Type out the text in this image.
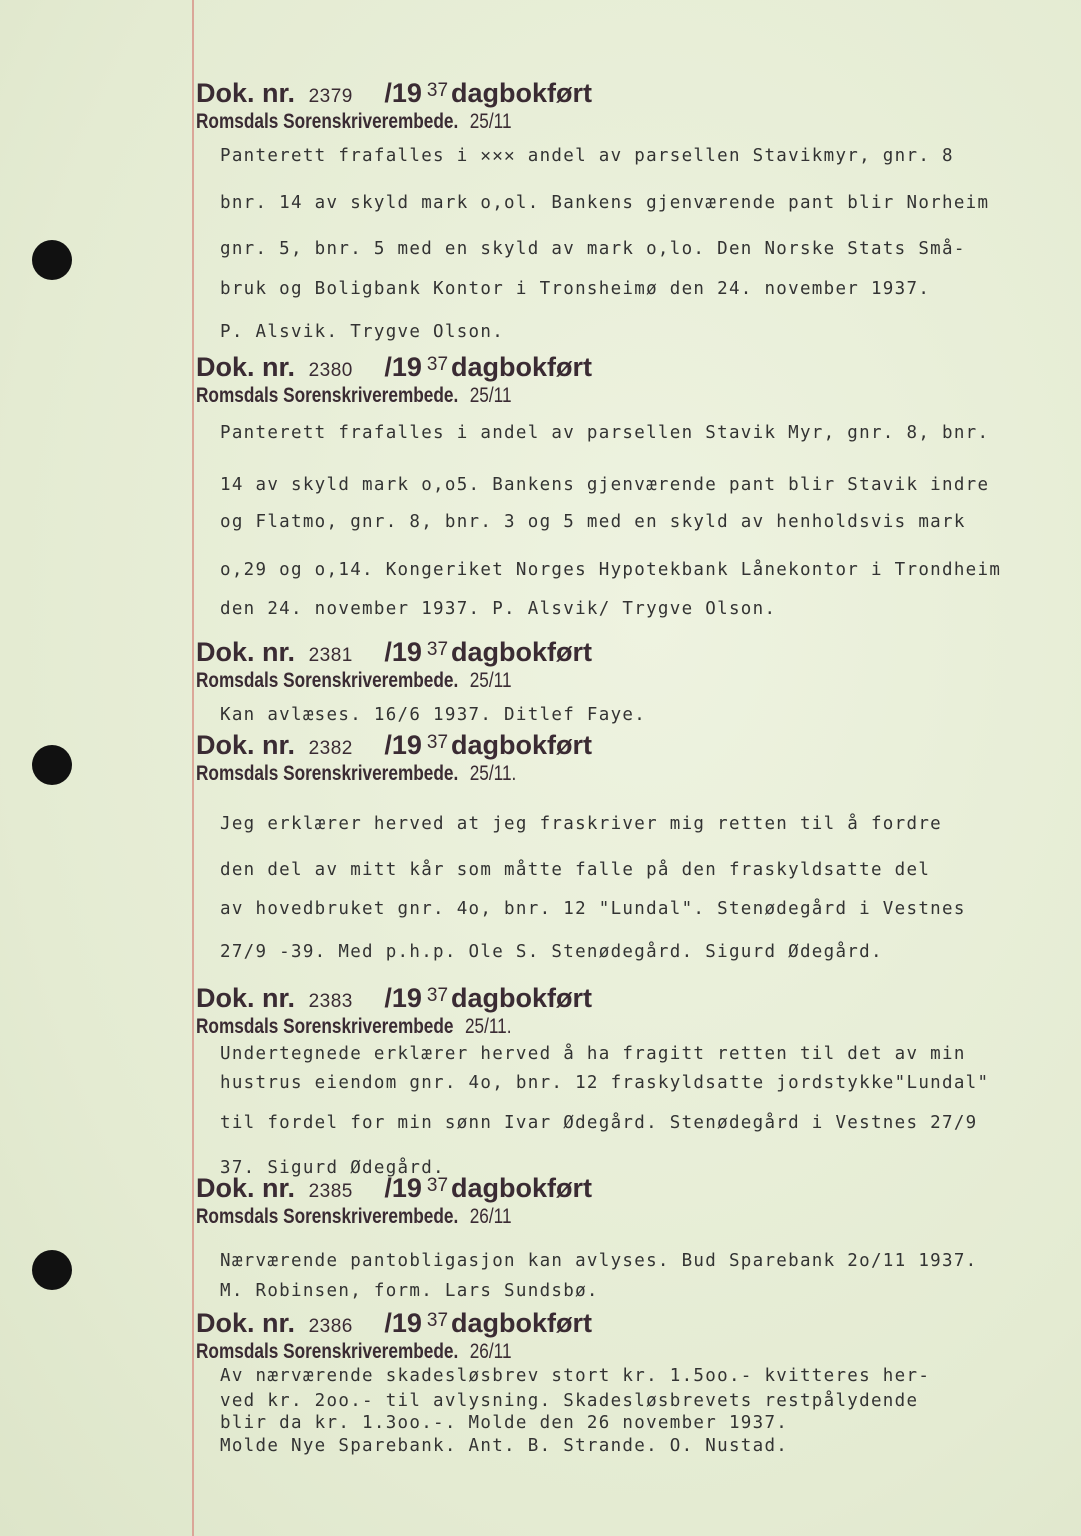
Dok. nr. 2379 /19 $^{37}$ dagbokført
Romsdals Sorenskriverembede. 25/11
Panterett frafalles i ✕✕✕ andel av parsellen Stavikmyr, gnr. 8
bnr. 14 av skyld mark o,ol. Bankens gjenværende pant blir Norheim
gnr. 5, bnr. 5 med en skyld av mark o,lo. Den Norske Stats Små-
bruk og Boligbank Kontor i Tronsheimø den 24. november 1937.
P. Alsvik. Trygve Olson.
Dok. nr. 2380 /19 $^{37}$ dagbokført
Romsdals Sorenskriverembede. 25/11
Panterett frafalles i andel av parsellen Stavik Myr, gnr. 8, bnr.
14 av skyld mark o,o5. Bankens gjenværende pant blir Stavik indre
og Flatmo, gnr. 8, bnr. 3 og 5 med en skyld av henholdsvis mark
o,29 og o,14. Kongeriket Norges Hypotekbank Lånekontor i Trondheim
den 24. november 1937. P. Alsvik/ Trygve Olson.
Dok. nr. 2381 /19 $^{37}$ dagbokført
Romsdals Sorenskriverembede. 25/11
Kan avlæses. 16/6 1937. Ditlef Faye.
Dok. nr. 2382 /19 $^{37}$ dagbokført
Romsdals Sorenskriverembede. 25/11.
Jeg erklærer herved at jeg fraskriver mig retten til å fordre
den del av mitt kår som måtte falle på den fraskyldsatte del
av hovedbruket gnr. 4o, bnr. 12 "Lundal". Stenødegård i Vestnes
27/9 -39. Med p.h.p. Ole S. Stenødegård. Sigurd Ødegård.
Dok. nr. 2383 /19 $^{37}$ dagbokført
Romsdals Sorenskriverembede 25/11.
Undertegnede erklærer herved å ha fragitt retten til det av min
hustrus eiendom gnr. 4o, bnr. 12 fraskyldsatte jordstykke"Lundal"
til fordel for min sønn Ivar Ødegård. Stenødegård i Vestnes 27/9
37. Sigurd Ødegård.
Dok. nr. 2385 /19 $^{37}$ dagbokført
Romsdals Sorenskriverembede. 26/11
Nærværende pantobligasjon kan avlyses. Bud Sparebank 2o/11 1937.
M. Robinsen, form. Lars Sundsbø.
Dok. nr. 2386 /19 $^{37}$ dagbokført
Romsdals Sorenskriverembede. 26/11
Av nærværende skadesløsbrev stort kr. 1.5oo.- kvitteres her-
ved kr. 2oo.- til avlysning. Skadesløsbrevets restpålydende
blir da kr. 1.3oo.-. Molde den 26 november 1937.
Molde Nye Sparebank. Ant. B. Strande. O. Nustad.
